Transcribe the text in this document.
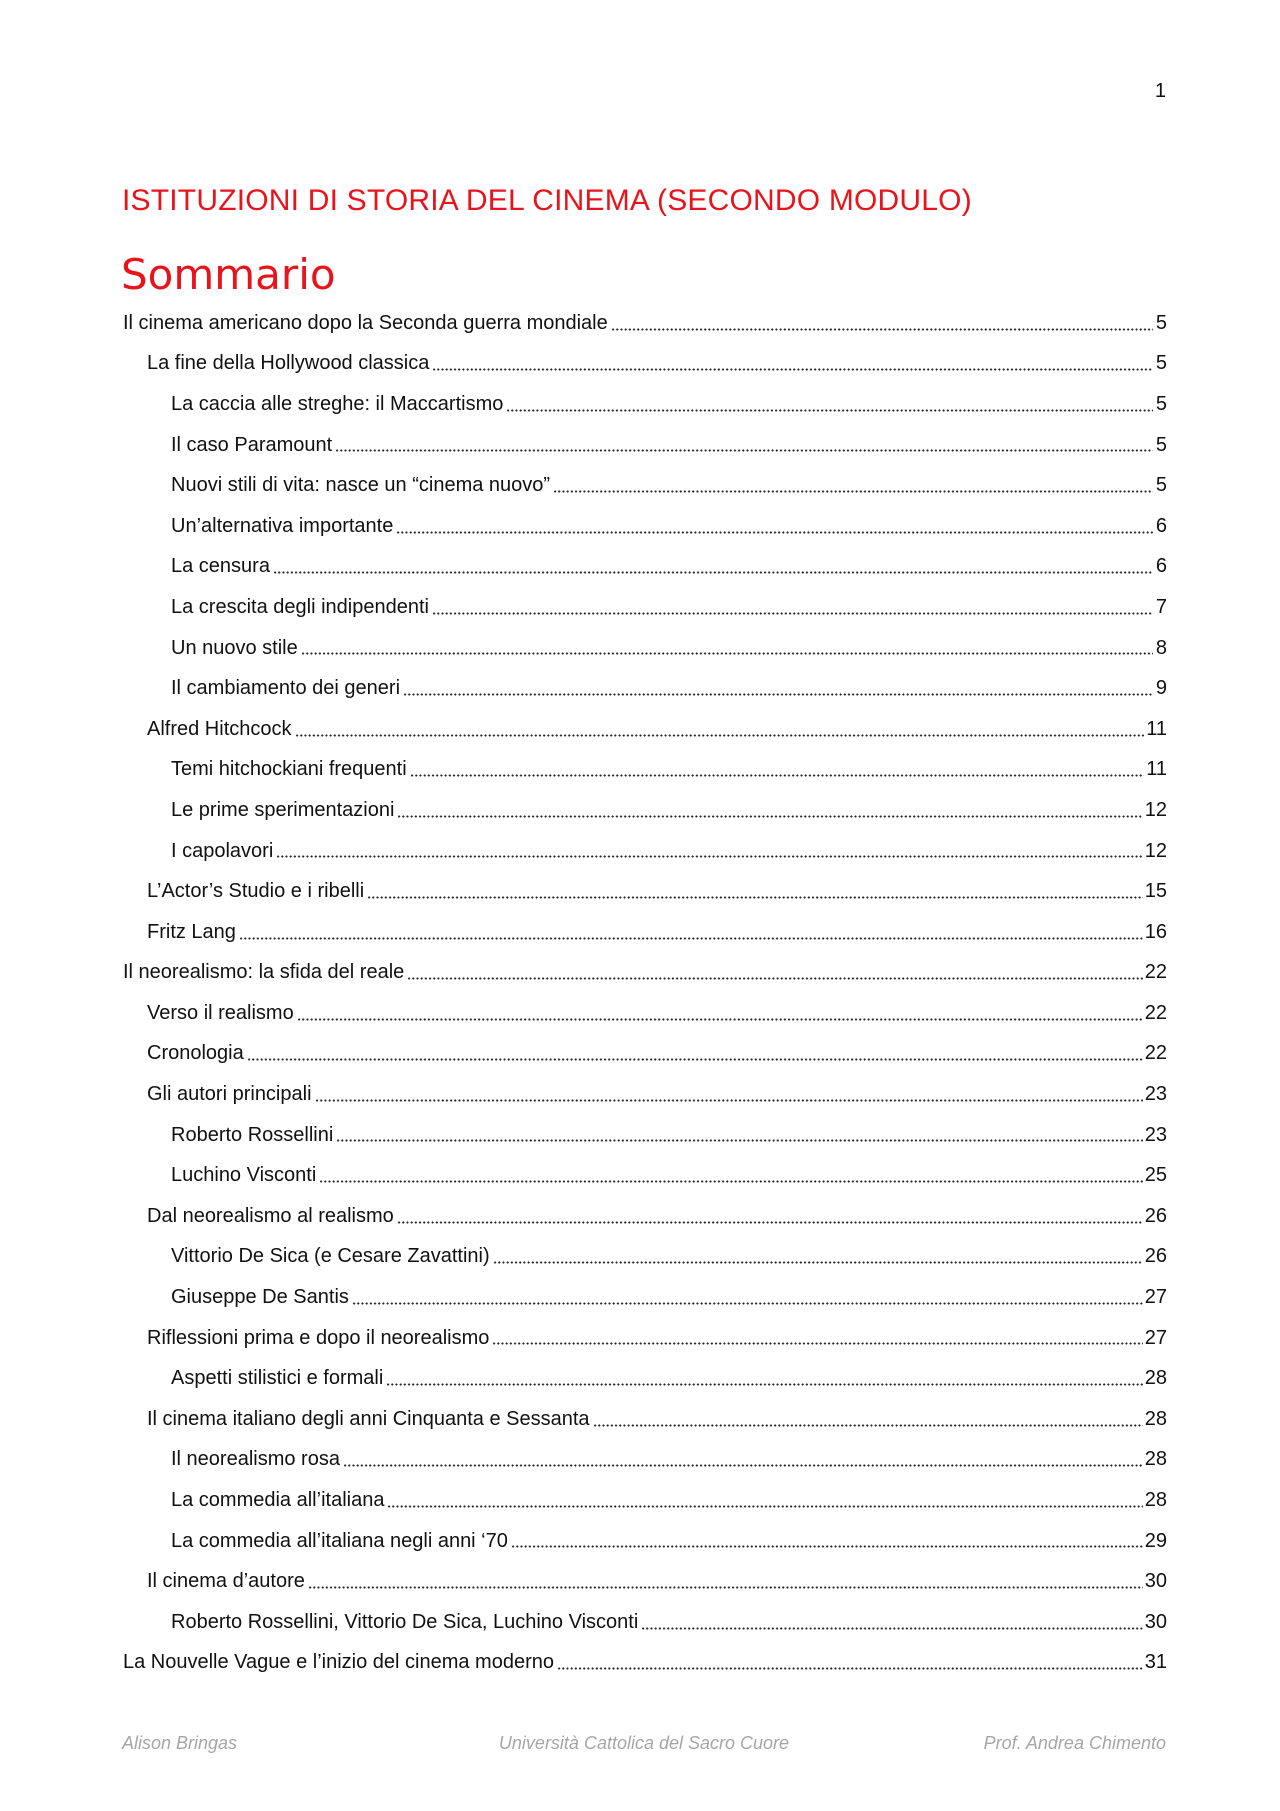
1
ISTITUZIONI DI STORIA DEL CINEMA (SECONDO MODULO)
Sommario
Il cinema americano dopo la Seconda guerra mondiale	5
La fine della Hollywood classica	5
La caccia alle streghe: il Maccartismo	5
Il caso Paramount	5
Nuovi stili di vita: nasce un “cinema nuovo”	5
Un’alternativa importante	6
La censura	6
La crescita degli indipendenti	7
Un nuovo stile	8
Il cambiamento dei generi	9
Alfred Hitchcock	11
Temi hitchockiani frequenti	11
Le prime sperimentazioni	12
I capolavori	12
L’Actor’s Studio e i ribelli	15
Fritz Lang	16
Il neorealismo: la sfida del reale	22
Verso il realismo	22
Cronologia	22
Gli autori principali	23
Roberto Rossellini	23
Luchino Visconti	25
Dal neorealismo al realismo	26
Vittorio De Sica (e Cesare Zavattini)	26
Giuseppe De Santis	27
Riflessioni prima e dopo il neorealismo	27
Aspetti stilistici e formali	28
Il cinema italiano degli anni Cinquanta e Sessanta	28
Il neorealismo rosa	28
La commedia all’italiana	28
La commedia all’italiana negli anni ‘70	29
Il cinema d’autore	30
Roberto Rossellini, Vittorio De Sica, Luchino Visconti	30
La Nouvelle Vague e l’inizio del cinema moderno	31
Alison Bringas	Università Cattolica del Sacro Cuore	Prof. Andrea Chimento
